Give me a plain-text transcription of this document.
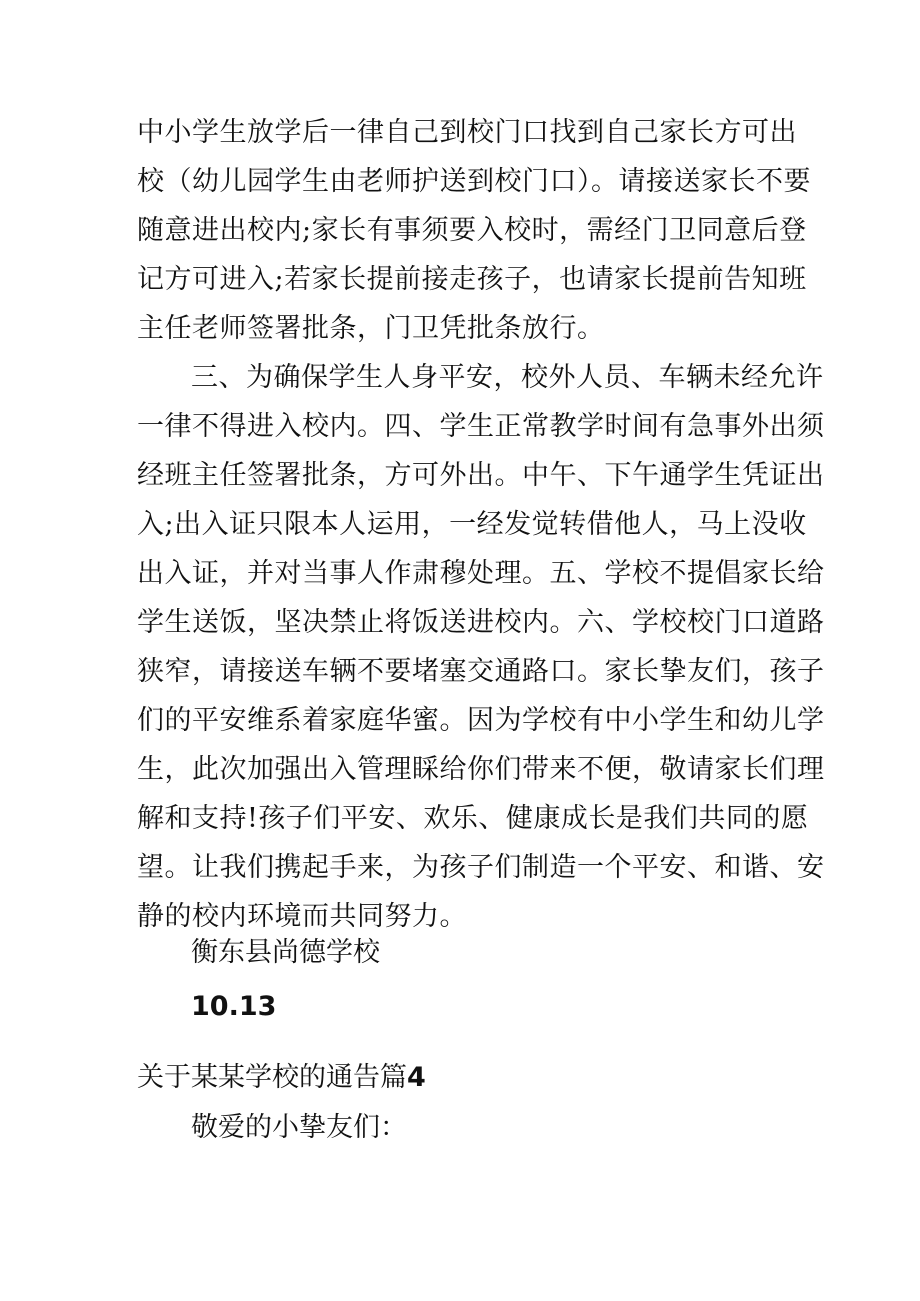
中小学生放学后一律自己到校门口找到自己家长方可出
校（幼儿园学生由老师护送到校门口）。请接送家长不要
随意进出校内;家长有事须要入校时，需经门卫同意后登
记方可进入;若家长提前接走孩子，也请家长提前告知班
主任老师签署批条，门卫凭批条放行。
三、为确保学生人身平安，校外人员、车辆未经允许
一律不得进入校内。四、学生正常教学时间有急事外出须
经班主任签署批条，方可外出。中午、下午通学生凭证出
入;出入证只限本人运用，一经发觉转借他人，马上没收
出入证，并对当事人作肃穆处理。五、学校不提倡家长给
学生送饭，坚决禁止将饭送进校内。六、学校校门口道路
狭窄，请接送车辆不要堵塞交通路口。家长挚友们，孩子
们的平安维系着家庭华蜜。因为学校有中小学生和幼儿学
生，此次加强出入管理睬给你们带来不便，敬请家长们理
解和支持!孩子们平安、欢乐、健康成长是我们共同的愿
望。让我们携起手来，为孩子们制造一个平安、和谐、安
静的校内环境而共同努力。
衡东县尚德学校
10.13
关于某某学校的通告篇4
敬爱的小挚友们：
